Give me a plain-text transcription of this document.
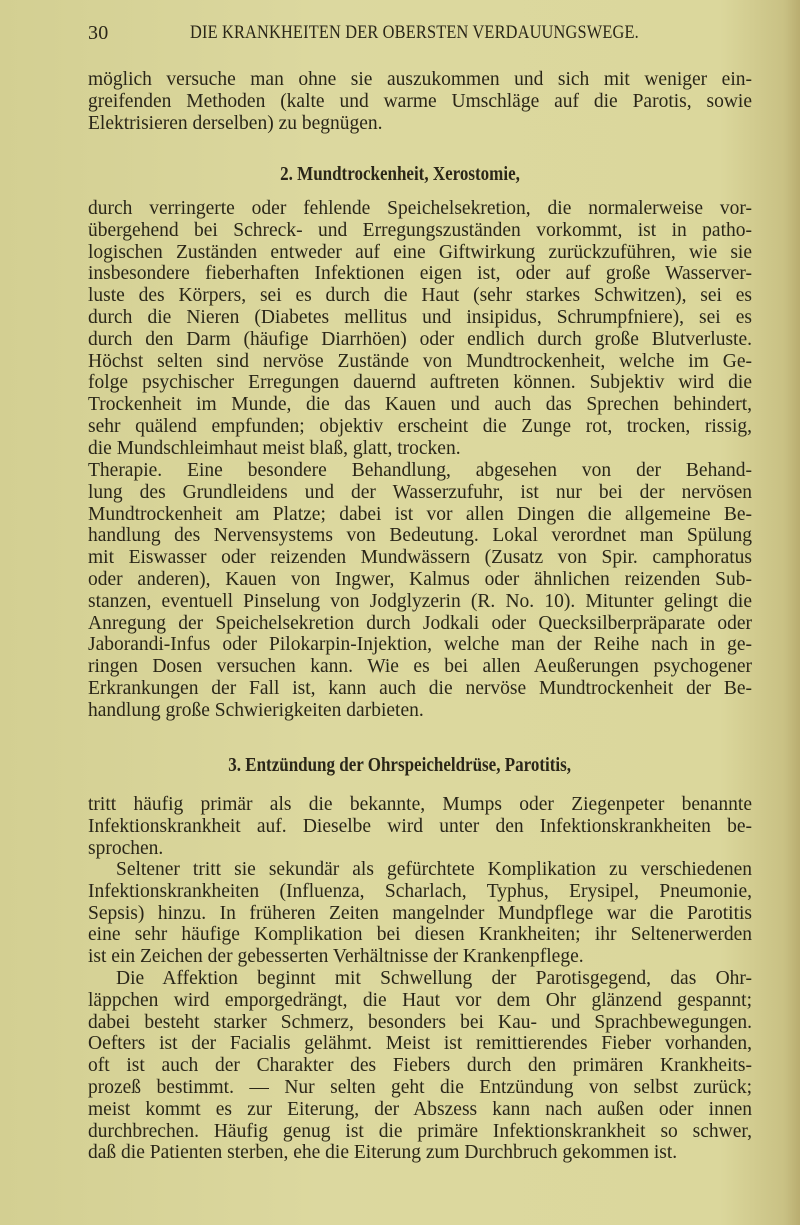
30	DIE KRANKHEITEN DER OBERSTEN VERDAUUNGSWEGE.
möglich versuche man ohne sie auszukommen und sich mit weniger ein-
greifenden Methoden (kalte und warme Umschläge auf die Parotis, sowie
Elektrisieren derselben) zu begnügen.
2. Mundtrockenheit, Xerostomie,
durch verringerte oder fehlende Speichelsekretion, die normalerweise vor-
übergehend bei Schreck- und Erregungszuständen vorkommt, ist in patho-
logischen Zuständen entweder auf eine Giftwirkung zurückzuführen, wie sie
insbesondere fieberhaften Infektionen eigen ist, oder auf große Wasserver-
luste des Körpers, sei es durch die Haut (sehr starkes Schwitzen), sei es
durch die Nieren (Diabetes mellitus und insipidus, Schrumpfniere), sei es
durch den Darm (häufige Diarrhöen) oder endlich durch große Blutverluste.
Höchst selten sind nervöse Zustände von Mundtrockenheit, welche im Ge-
folge psychischer Erregungen dauernd auftreten können. Subjektiv wird die
Trockenheit im Munde, die das Kauen und auch das Sprechen behindert,
sehr quälend empfunden; objektiv erscheint die Zunge rot, trocken, rissig,
die Mundschleimhaut meist blaß, glatt, trocken.
Therapie. Eine besondere Behandlung, abgesehen von der Behand-
lung des Grundleidens und der Wasserzufuhr, ist nur bei der nervösen
Mundtrockenheit am Platze; dabei ist vor allen Dingen die allgemeine Be-
handlung des Nervensystems von Bedeutung. Lokal verordnet man Spülung
mit Eiswasser oder reizenden Mundwässern (Zusatz von Spir. camphoratus
oder anderen), Kauen von Ingwer, Kalmus oder ähnlichen reizenden Sub-
stanzen, eventuell Pinselung von Jodglyzerin (R. No. 10). Mitunter gelingt die
Anregung der Speichelsekretion durch Jodkali oder Quecksilberpräparate oder
Jaborandi-Infus oder Pilokarpin-Injektion, welche man der Reihe nach in ge-
ringen Dosen versuchen kann. Wie es bei allen Aeußerungen psychogener
Erkrankungen der Fall ist, kann auch die nervöse Mundtrockenheit der Be-
handlung große Schwierigkeiten darbieten.
3. Entzündung der Ohrspeicheldrüse, Parotitis,
tritt häufig primär als die bekannte, Mumps oder Ziegenpeter benannte
Infektionskrankheit auf. Dieselbe wird unter den Infektionskrankheiten be-
sprochen.
Seltener tritt sie sekundär als gefürchtete Komplikation zu verschiedenen
Infektionskrankheiten (Influenza, Scharlach, Typhus, Erysipel, Pneumonie,
Sepsis) hinzu. In früheren Zeiten mangelnder Mundpflege war die Parotitis
eine sehr häufige Komplikation bei diesen Krankheiten; ihr Seltenerwerden
ist ein Zeichen der gebesserten Verhältnisse der Krankenpflege.
Die Affektion beginnt mit Schwellung der Parotisgegend, das Ohr-
läppchen wird emporgedrängt, die Haut vor dem Ohr glänzend gespannt;
dabei besteht starker Schmerz, besonders bei Kau- und Sprachbewegungen.
Oefters ist der Facialis gelähmt. Meist ist remittierendes Fieber vorhanden,
oft ist auch der Charakter des Fiebers durch den primären Krankheits-
prozeß bestimmt. — Nur selten geht die Entzündung von selbst zurück;
meist kommt es zur Eiterung, der Abszess kann nach außen oder innen
durchbrechen. Häufig genug ist die primäre Infektionskrankheit so schwer,
daß die Patienten sterben, ehe die Eiterung zum Durchbruch gekommen ist.
